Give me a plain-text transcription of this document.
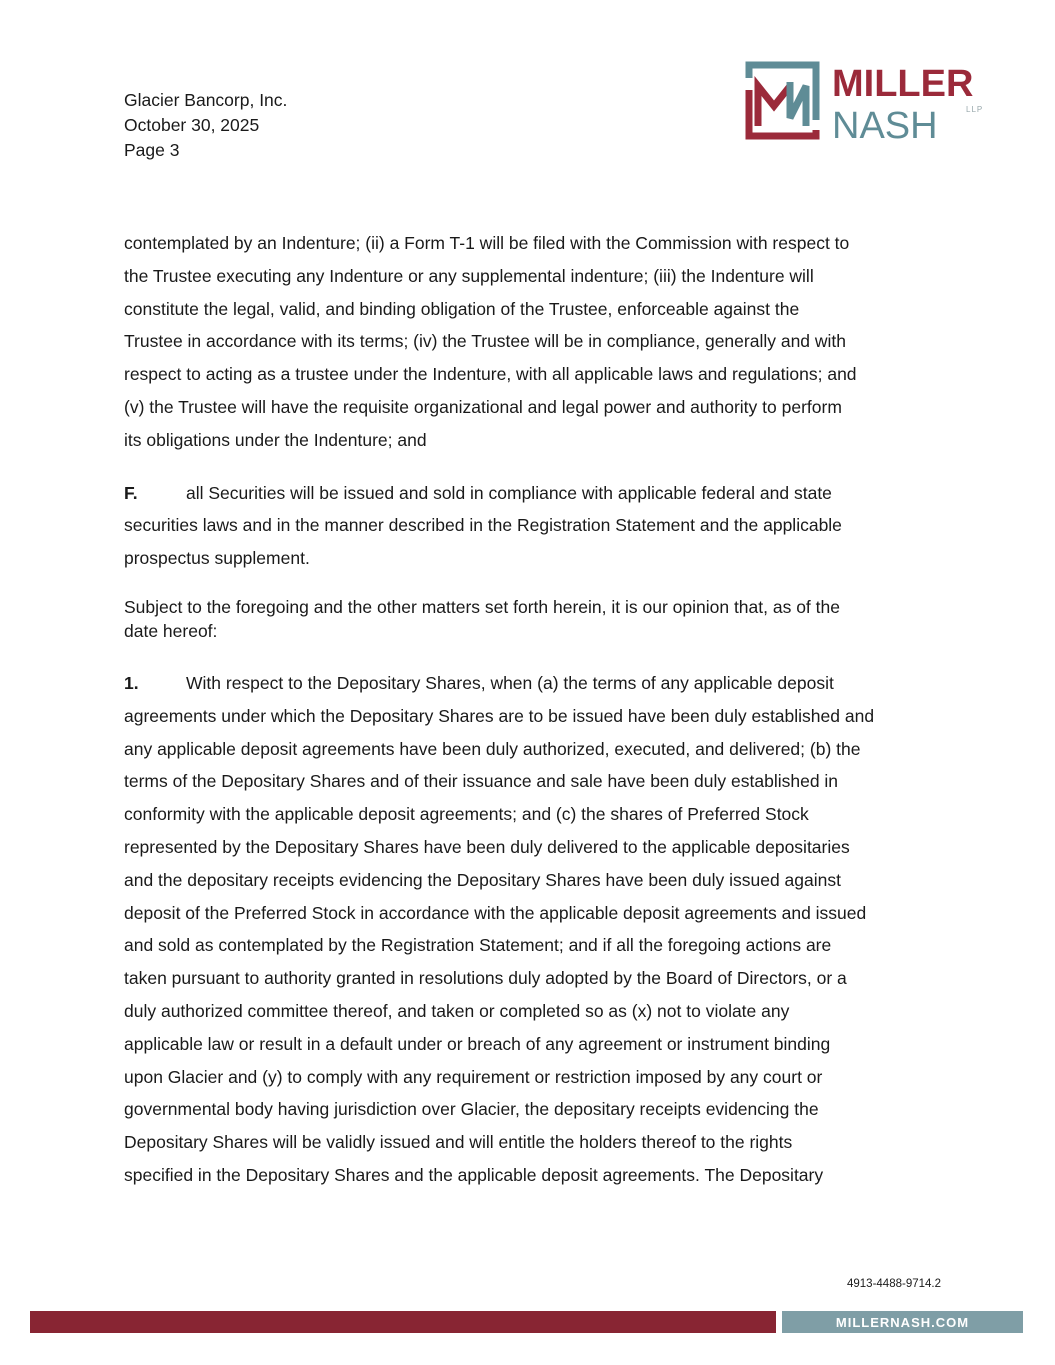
Glacier Bancorp, Inc.
October 30, 2025
Page 3
MILLER
NASH	LLP

contemplated by an Indenture; (ii) a Form T-1 will be filed with the Commission with respect to
the Trustee executing any Indenture or any supplemental indenture; (iii) the Indenture will
constitute the legal, valid, and binding obligation of the Trustee, enforceable against the
Trustee in accordance with its terms; (iv) the Trustee will be in compliance, generally and with
respect to acting as a trustee under the Indenture, with all applicable laws and regulations; and
(v) the Trustee will have the requisite organizational and legal power and authority to perform
its obligations under the Indenture; and

F.	all Securities will be issued and sold in compliance with applicable federal and state
securities laws and in the manner described in the Registration Statement and the applicable
prospectus supplement.

Subject to the foregoing and the other matters set forth herein, it is our opinion that, as of the
date hereof:

1.	With respect to the Depositary Shares, when (a) the terms of any applicable deposit
agreements under which the Depositary Shares are to be issued have been duly established and
any applicable deposit agreements have been duly authorized, executed, and delivered; (b) the
terms of the Depositary Shares and of their issuance and sale have been duly established in
conformity with the applicable deposit agreements; and (c) the shares of Preferred Stock
represented by the Depositary Shares have been duly delivered to the applicable depositaries
and the depositary receipts evidencing the Depositary Shares have been duly issued against
deposit of the Preferred Stock in accordance with the applicable deposit agreements and issued
and sold as contemplated by the Registration Statement; and if all the foregoing actions are
taken pursuant to authority granted in resolutions duly adopted by the Board of Directors, or a
duly authorized committee thereof, and taken or completed so as (x) not to violate any
applicable law or result in a default under or breach of any agreement or instrument binding
upon Glacier and (y) to comply with any requirement or restriction imposed by any court or
governmental body having jurisdiction over Glacier, the depositary receipts evidencing the
Depositary Shares will be validly issued and will entitle the holders thereof to the rights
specified in the Depositary Shares and the applicable deposit agreements. The Depositary

4913-4488-9714.2
MILLERNASH.COM
